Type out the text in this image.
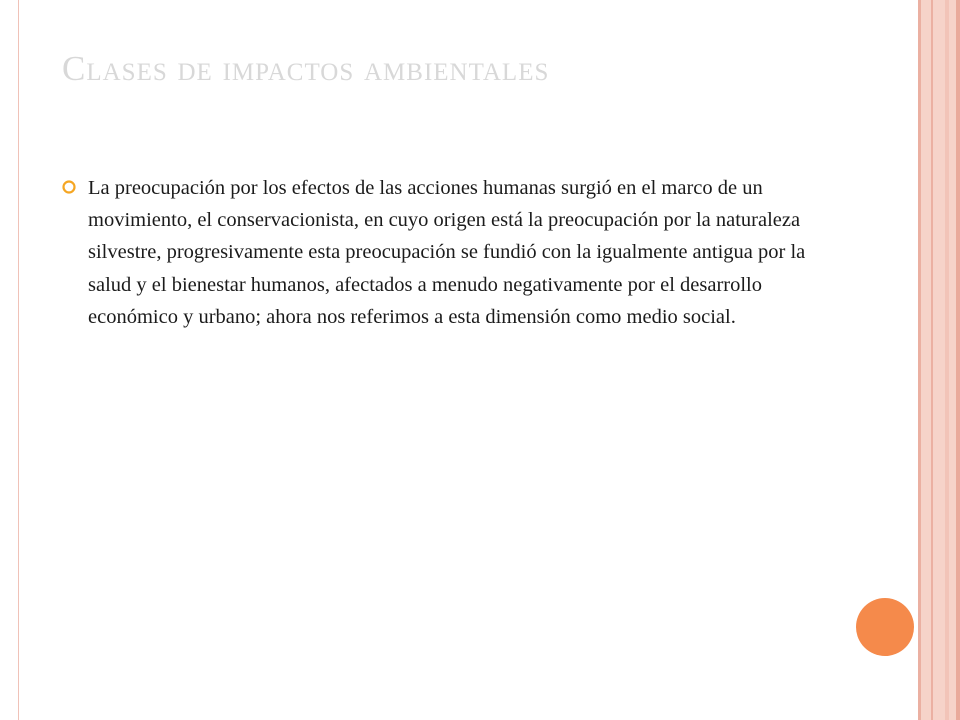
Clases de impactos ambientales
La preocupación por los efectos de las acciones humanas surgió en el marco de un movimiento, el conservacionista, en cuyo origen está la preocupación por la naturaleza silvestre, progresivamente esta preocupación se fundió con la igualmente antigua por la salud y el bienestar humanos, afectados a menudo negativamente por el desarrollo económico y urbano; ahora nos referimos a esta dimensión como medio social.
